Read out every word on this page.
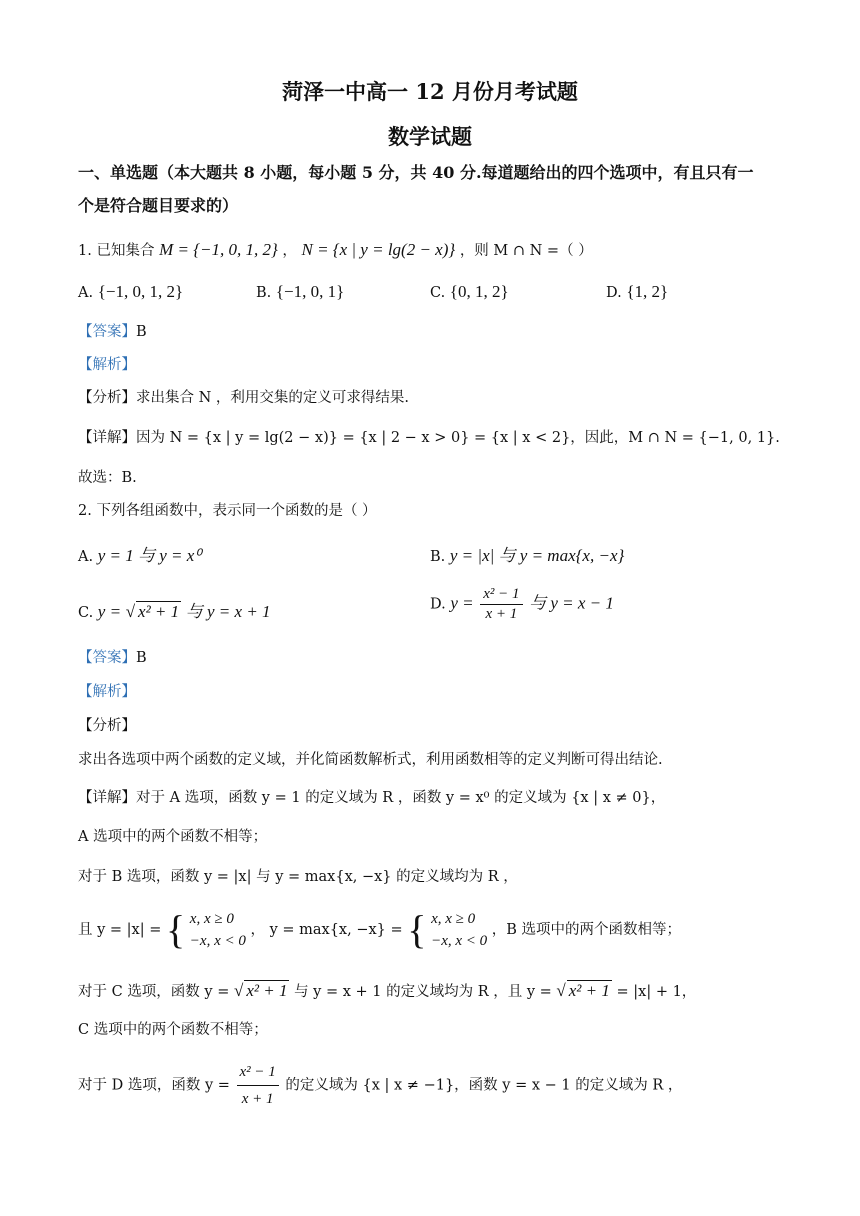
菏泽一中高一 12 月份月考试题
数学试题
一、单选题（本大题共 8 小题，每小题 5 分，共 40 分.每道题给出的四个选项中，有且只有一
个是符合题目要求的）
1. 已知集合 M = {−1, 0, 1, 2} ， N = {x | y = lg(2 − x)} ，则 M ∩ N =（ ）
A. {−1, 0, 1, 2}	B. {−1, 0, 1}	C. {0, 1, 2}	D. {1, 2}
【答案】B
【解析】
【分析】求出集合 N ，利用交集的定义可求得结果.
【详解】因为 N = {x | y = lg(2 − x)} = {x | 2 − x > 0} = {x | x < 2}，因此，M ∩ N = {−1, 0, 1}.
故选：B.
2. 下列各组函数中，表示同一个函数的是（ ）
A. y = 1 与 y = x⁰	B. y = |x| 与 y = max{x, −x}
C. y = √ x² + 1 与 y = x + 1	D. $y = \frac{\text{x² − 1}}{x + 1}$ 与 y = x − 1
【答案】B
【解析】
【分析】
求出各选项中两个函数的定义域，并化简函数解析式，利用函数相等的定义判断可得出结论.
【详解】对于 A 选项，函数 y = 1 的定义域为 R ，函数 y = x⁰ 的定义域为 {x | x ≠ 0}，
A 选项中的两个函数不相等；
对于 B 选项，函数 y = |x| 与 y = max{x, −x} 的定义域均为 R ，
且 y = |x| = { x, x ≥ 0
−x, x < 0
， y = max{x, −x} = { x, x ≥ 0
−x, x < 0
，B 选项中的两个函数相等；
对于 C 选项，函数 y = √ x² + 1 与 y = x + 1 的定义域均为 R ，且 y = √ x² + 1 = |x| + 1，
C 选项中的两个函数不相等；
对于 D 选项，函数 $y = \frac{\text{x² − 1}}{x + 1}$ 的定义域为 {x | x ≠ −1}，函数 y = x − 1 的定义域为 R ，
